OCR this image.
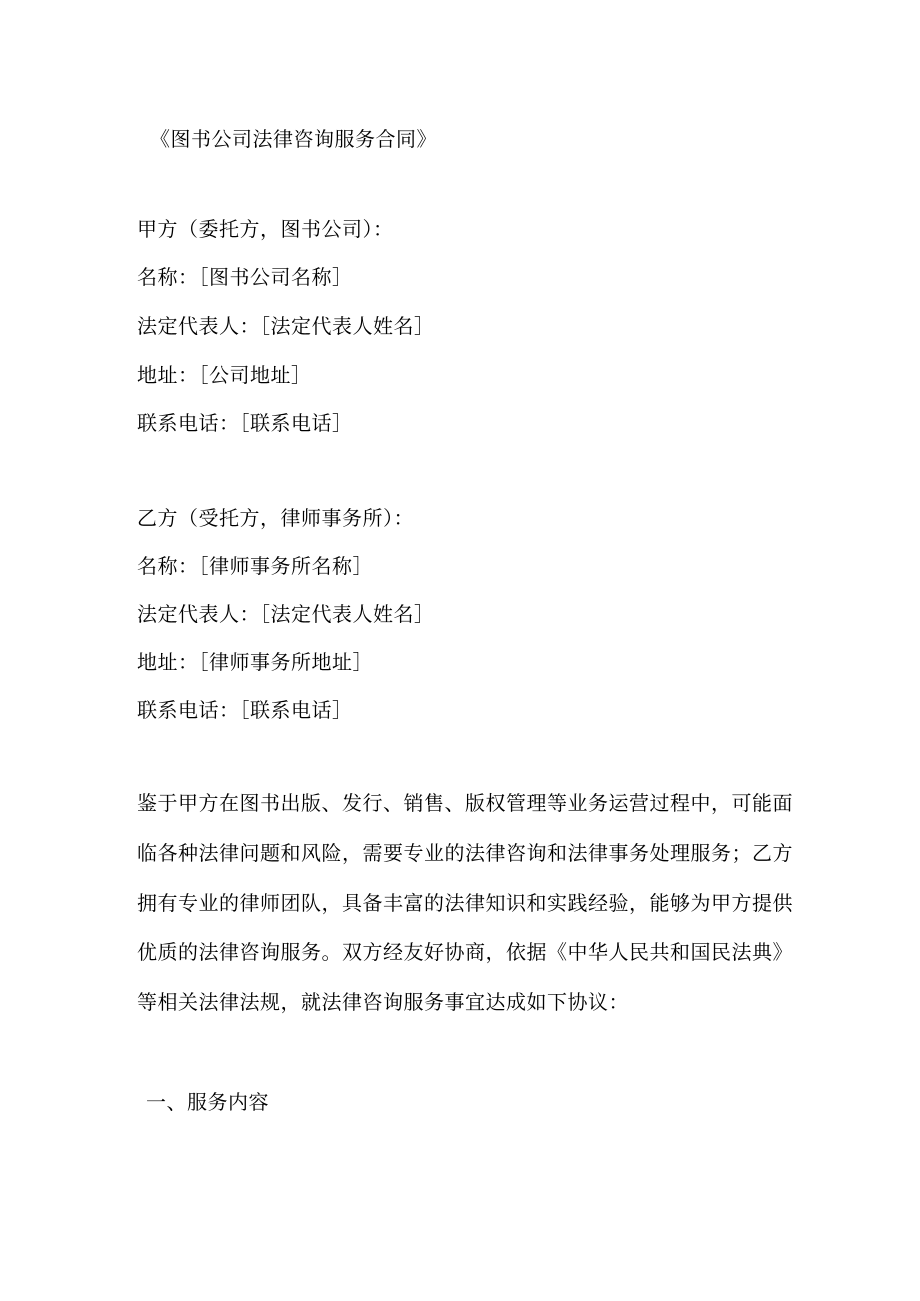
《图书公司法律咨询服务合同》
甲方（委托方，图书公司）：
名称：［图书公司名称］
法定代表人：［法定代表人姓名］
地址：［公司地址］
联系电话：［联系电话］
乙方（受托方，律师事务所）：
名称：［律师事务所名称］
法定代表人：［法定代表人姓名］
地址：［律师事务所地址］
联系电话：［联系电话］
鉴于甲方在图书出版、发行、销售、版权管理等业务运营过程中，可能面
临各种法律问题和风险，需要专业的法律咨询和法律事务处理服务；乙方
拥有专业的律师团队，具备丰富的法律知识和实践经验，能够为甲方提供
优质的法律咨询服务。双方经友好协商，依据《中华人民共和国民法典》
等相关法律法规，就法律咨询服务事宜达成如下协议：
一、服务内容
